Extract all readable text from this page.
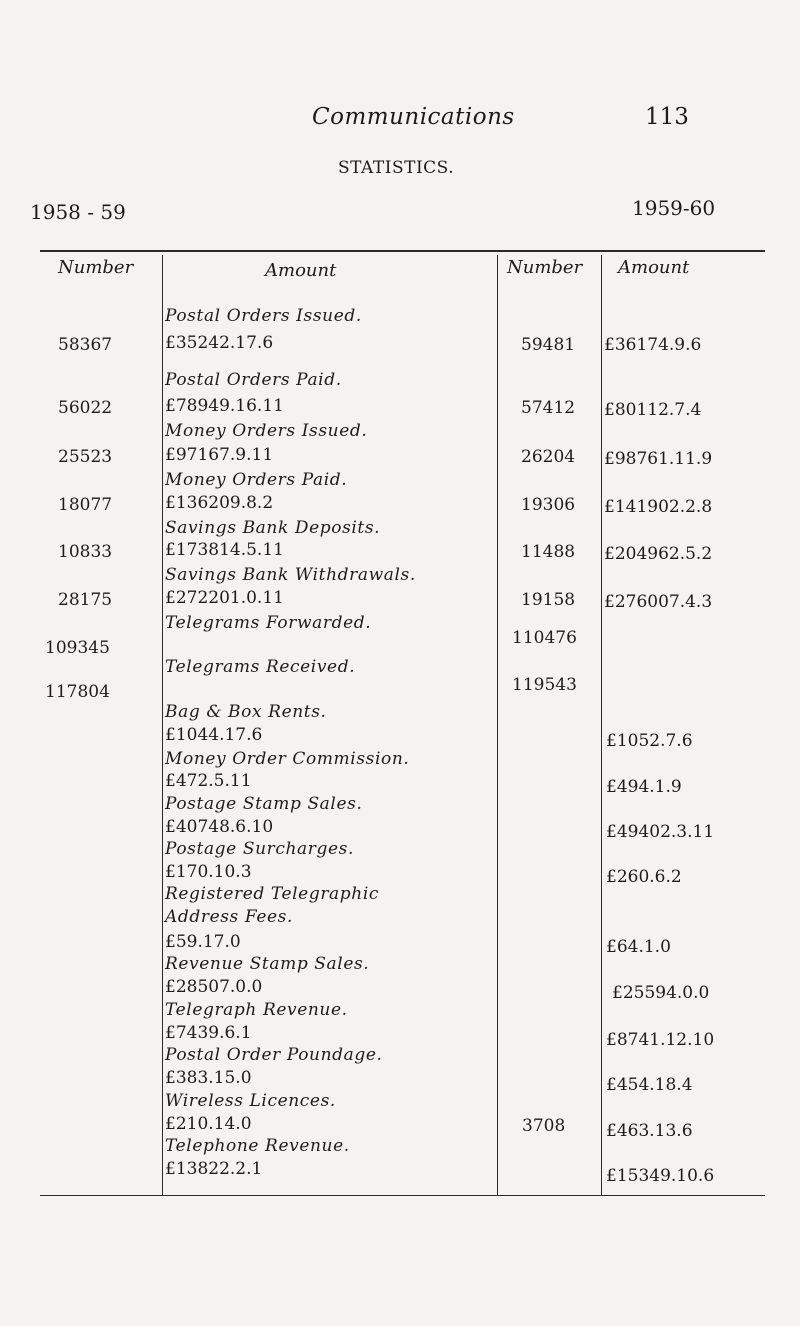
Communications	113
STATISTICS.
1958 - 59	1959-60
Number	Amount	Number Amount
Postal Orders Issued.
58367	£35242.17.6	59481 £36174.9.6
Postal Orders Paid.
56022	£78949.16.11	57412 £80112.7.4
Money Orders Issued.
25523	£97167.9.11	26204 £98761.11.9
Money Orders Paid.
18077	£136209.8.2	19306 £141902.2.8
Savings Bank Deposits.
10833	£173814.5.11	11488 £204962.5.2
Savings Bank Withdrawals.
28175	£272201.0.11	19158 £276007.4.3
Telegrams Forwarded.
109345	110476
Telegrams Received.
117804	119543
Bag & Box Rents.
£1044.17.6	£1052.7.6
Money Order Commission.
£472.5.11	£494.1.9
Postage Stamp Sales.
£40748.6.10	£49402.3.11
Postage Surcharges.
£170.10.3	£260.6.2
Registered Telegraphic
Address Fees.
£59.17.0	£64.1.0
Revenue Stamp Sales.
£28507.0.0	£25594.0.0
Telegraph Revenue.
£7439.6.1	£8741.12.10
Postal Order Poundage.
£383.15.0	£454.18.4
Wireless Licences.
£210.14.0	3708 £463.13.6
Telephone Revenue.
£13822.2.1	£15349.10.6
